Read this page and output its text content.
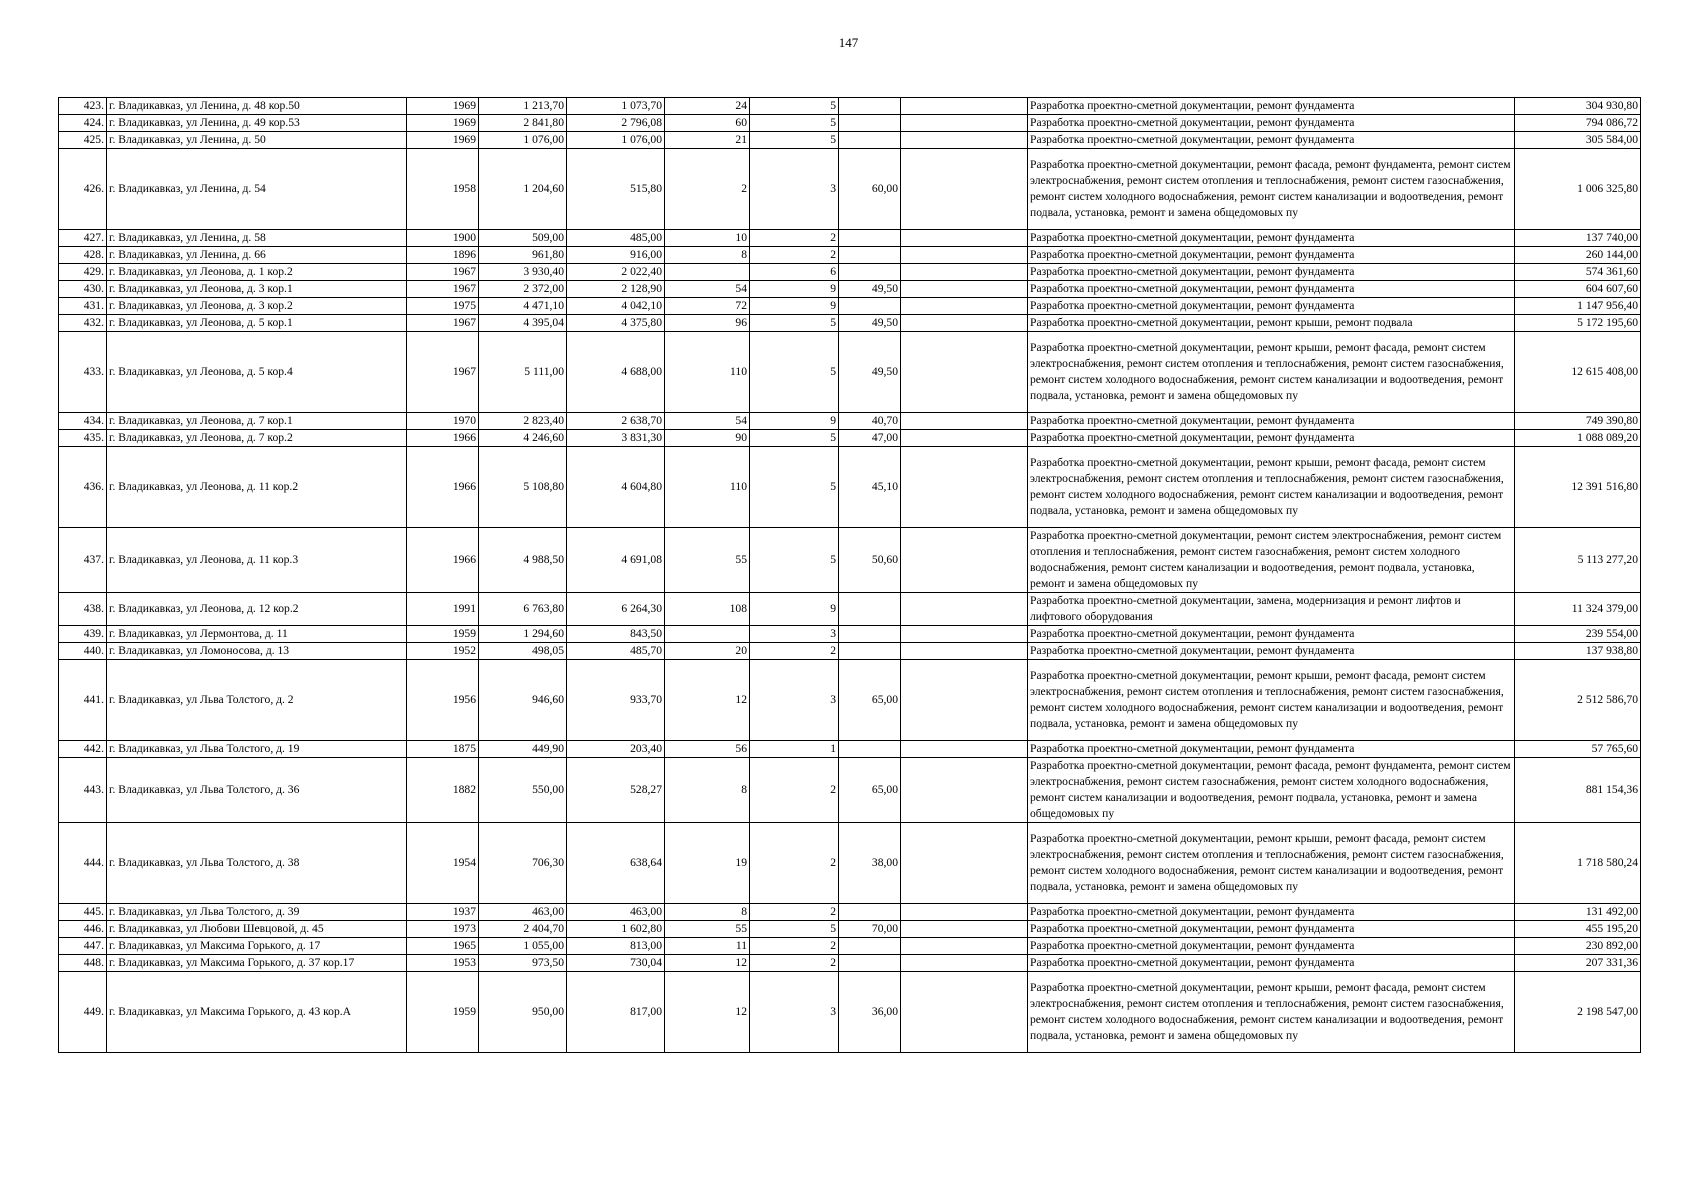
147
423.	г. Владикавказ, ул Ленина, д. 48 кор.50	1969	1 213,70	1 073,70	24	5			Разработка проектно-сметной документации, ремонт фундамента	304 930,80
424.	г. Владикавказ, ул Ленина, д. 49 кор.53	1969	2 841,80	2 796,08	60	5			Разработка проектно-сметной документации, ремонт фундамента	794 086,72
425.	г. Владикавказ, ул Ленина, д. 50	1969	1 076,00	1 076,00	21	5			Разработка проектно-сметной документации, ремонт фундамента	305 584,00
426.	г. Владикавказ, ул Ленина, д. 54	1958	1 204,60	515,80	2	3	60,00		Разработка проектно-сметной документации, ремонт фасада, ремонт фундамента, ремонт систем электроснабжения, ремонт систем отопления и теплоснабжения, ремонт систем газоснабжения, ремонт систем холодного водоснабжения, ремонт систем канализации и водоотведения, ремонт подвала, установка, ремонт и замена общедомовых пу	1 006 325,80
427.	г. Владикавказ, ул Ленина, д. 58	1900	509,00	485,00	10	2			Разработка проектно-сметной документации, ремонт фундамента	137 740,00
428.	г. Владикавказ, ул Ленина, д. 66	1896	961,80	916,00	8	2			Разработка проектно-сметной документации, ремонт фундамента	260 144,00
429.	г. Владикавказ, ул Леонова, д. 1 кор.2	1967	3 930,40	2 022,40		6			Разработка проектно-сметной документации, ремонт фундамента	574 361,60
430.	г. Владикавказ, ул Леонова, д. 3 кор.1	1967	2 372,00	2 128,90	54	9	49,50		Разработка проектно-сметной документации, ремонт фундамента	604 607,60
431.	г. Владикавказ, ул Леонова, д. 3 кор.2	1975	4 471,10	4 042,10	72	9			Разработка проектно-сметной документации, ремонт фундамента	1 147 956,40
432.	г. Владикавказ, ул Леонова, д. 5 кор.1	1967	4 395,04	4 375,80	96	5	49,50		Разработка проектно-сметной документации, ремонт крыши, ремонт подвала	5 172 195,60
433.	г. Владикавказ, ул Леонова, д. 5 кор.4	1967	5 111,00	4 688,00	110	5	49,50		Разработка проектно-сметной документации, ремонт крыши, ремонт фасада, ремонт систем электроснабжения, ремонт систем отопления и теплоснабжения, ремонт систем газоснабжения, ремонт систем холодного водоснабжения, ремонт систем канализации и водоотведения, ремонт подвала, установка, ремонт и замена общедомовых пу	12 615 408,00
434.	г. Владикавказ, ул Леонова, д. 7 кор.1	1970	2 823,40	2 638,70	54	9	40,70		Разработка проектно-сметной документации, ремонт фундамента	749 390,80
435.	г. Владикавказ, ул Леонова, д. 7 кор.2	1966	4 246,60	3 831,30	90	5	47,00		Разработка проектно-сметной документации, ремонт фундамента	1 088 089,20
436.	г. Владикавказ, ул Леонова, д. 11 кор.2	1966	5 108,80	4 604,80	110	5	45,10		Разработка проектно-сметной документации, ремонт крыши, ремонт фасада, ремонт систем электроснабжения, ремонт систем отопления и теплоснабжения, ремонт систем газоснабжения, ремонт систем холодного водоснабжения, ремонт систем канализации и водоотведения, ремонт подвала, установка, ремонт и замена общедомовых пу	12 391 516,80
437.	г. Владикавказ, ул Леонова, д. 11 кор.3	1966	4 988,50	4 691,08	55	5	50,60		Разработка проектно-сметной документации, ремонт систем электроснабжения, ремонт систем отопления и теплоснабжения, ремонт систем газоснабжения, ремонт систем холодного водоснабжения, ремонт систем канализации и водоотведения, ремонт подвала, установка, ремонт и замена общедомовых пу	5 113 277,20
438.	г. Владикавказ, ул Леонова, д. 12 кор.2	1991	6 763,80	6 264,30	108	9			Разработка проектно-сметной документации, замена, модернизация и ремонт лифтов и лифтового оборудования	11 324 379,00
439.	г. Владикавказ, ул Лермонтова, д. 11	1959	1 294,60	843,50		3			Разработка проектно-сметной документации, ремонт фундамента	239 554,00
440.	г. Владикавказ, ул Ломоносова, д. 13	1952	498,05	485,70	20	2			Разработка проектно-сметной документации, ремонт фундамента	137 938,80
441.	г. Владикавказ, ул Льва Толстого, д. 2	1956	946,60	933,70	12	3	65,00		Разработка проектно-сметной документации, ремонт крыши, ремонт фасада, ремонт систем электроснабжения, ремонт систем отопления и теплоснабжения, ремонт систем газоснабжения, ремонт систем холодного водоснабжения, ремонт систем канализации и водоотведения, ремонт подвала, установка, ремонт и замена общедомовых пу	2 512 586,70
442.	г. Владикавказ, ул Льва Толстого, д. 19	1875	449,90	203,40	56	1			Разработка проектно-сметной документации, ремонт фундамента	57 765,60
443.	г. Владикавказ, ул Льва Толстого, д. 36	1882	550,00	528,27	8	2	65,00		Разработка проектно-сметной документации, ремонт фасада, ремонт фундамента, ремонт систем электроснабжения, ремонт систем газоснабжения, ремонт систем холодного водоснабжения, ремонт систем канализации и водоотведения, ремонт подвала, установка, ремонт и замена общедомовых пу	881 154,36
444.	г. Владикавказ, ул Льва Толстого, д. 38	1954	706,30	638,64	19	2	38,00		Разработка проектно-сметной документации, ремонт крыши, ремонт фасада, ремонт систем электроснабжения, ремонт систем отопления и теплоснабжения, ремонт систем газоснабжения, ремонт систем холодного водоснабжения, ремонт систем канализации и водоотведения, ремонт подвала, установка, ремонт и замена общедомовых пу	1 718 580,24
445.	г. Владикавказ, ул Льва Толстого, д. 39	1937	463,00	463,00	8	2			Разработка проектно-сметной документации, ремонт фундамента	131 492,00
446.	г. Владикавказ, ул Любови Шевцовой, д. 45	1973	2 404,70	1 602,80	55	5	70,00		Разработка проектно-сметной документации, ремонт фундамента	455 195,20
447.	г. Владикавказ, ул Максима Горького, д. 17	1965	1 055,00	813,00	11	2			Разработка проектно-сметной документации, ремонт фундамента	230 892,00
448.	г. Владикавказ, ул Максима Горького, д. 37 кор.17	1953	973,50	730,04	12	2			Разработка проектно-сметной документации, ремонт фундамента	207 331,36
449.	г. Владикавказ, ул Максима Горького, д. 43 кор.А	1959	950,00	817,00	12	3	36,00		Разработка проектно-сметной документации, ремонт крыши, ремонт фасада, ремонт систем электроснабжения, ремонт систем отопления и теплоснабжения, ремонт систем газоснабжения, ремонт систем холодного водоснабжения, ремонт систем канализации и водоотведения, ремонт подвала, установка, ремонт и замена общедомовых пу	2 198 547,00
